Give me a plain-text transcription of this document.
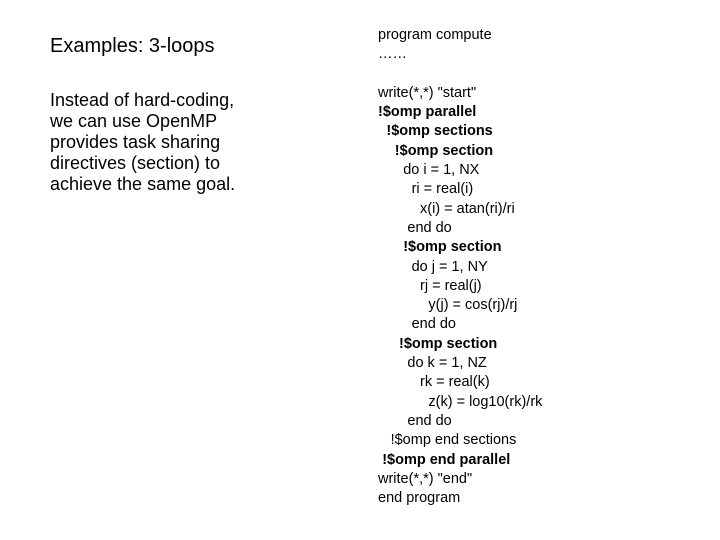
Examples: 3-loops
Instead of hard-coding,
we can use OpenMP
provides task sharing
directives (section) to
achieve the same goal.
program compute
……
write(*,*) "start"
!$omp parallel
!$omp sections
!$omp section
do i = 1, NX
ri = real(i)
x(i) = atan(ri)/ri
end do
!$omp section
do j = 1, NY
rj = real(j)
y(j) = cos(rj)/rj
end do
!$omp section
do k = 1, NZ
rk = real(k)
z(k) = log10(rk)/rk
end do
!$omp end sections
!$omp end parallel
write(*,*) "end"
end program
